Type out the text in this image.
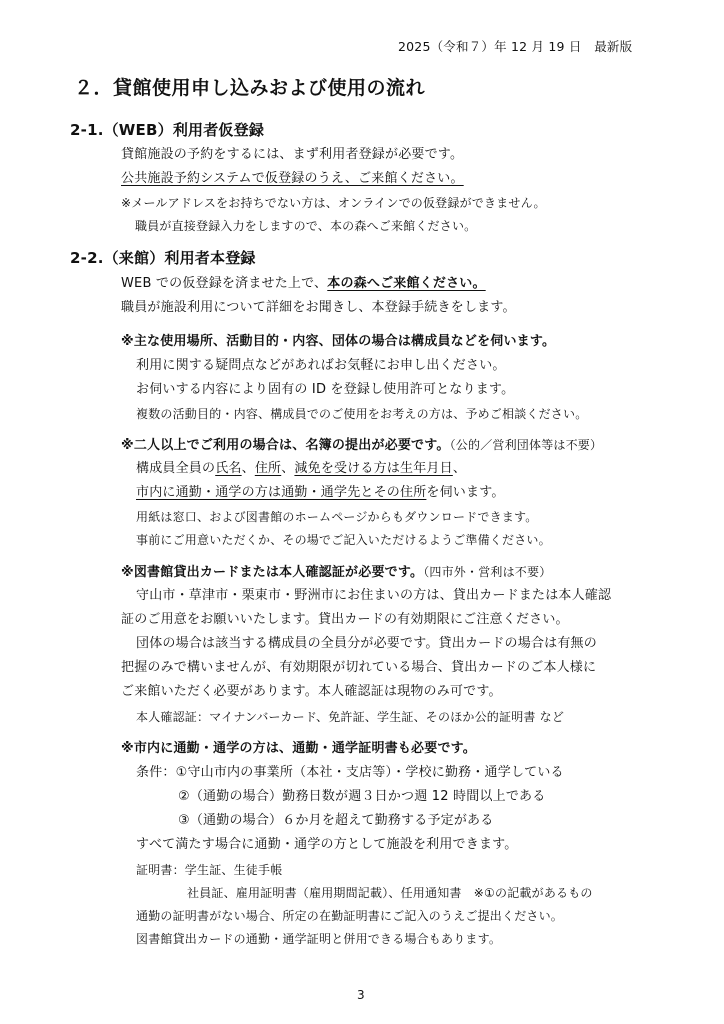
2025（令和７）年 12 月 19 日　最新版
２．貸館使用申し込みおよび使用の流れ
2-1.（WEB）利用者仮登録
貸館施設の予約をするには、まず利用者登録が必要です。
公共施設予約システムで仮登録のうえ、ご来館ください。
※メールアドレスをお持ちでない方は、オンラインでの仮登録ができません。
職員が直接登録入力をしますので、本の森へご来館ください。
2-2.（来館）利用者本登録
WEB での仮登録を済ませた上で、本の森へご来館ください。
職員が施設利用について詳細をお聞きし、本登録手続きをします。
※主な使用場所、活動目的・内容、団体の場合は構成員などを伺います。
利用に関する疑問点などがあればお気軽にお申し出ください。
お伺いする内容により固有の ID を登録し使用許可となります。
複数の活動目的・内容、構成員でのご使用をお考えの方は、予めご相談ください。
※二人以上でご利用の場合は、名簿の提出が必要です。（公的／営利団体等は不要）
構成員全員の氏名、住所、減免を受ける方は生年月日、
市内に通勤・通学の方は通勤・通学先とその住所を伺います。
用紙は窓口、および図書館のホームページからもダウンロードできます。
事前にご用意いただくか、その場でご記入いただけるようご準備ください。
※図書館貸出カードまたは本人確認証が必要です。（四市外・営利は不要）
守山市・草津市・栗東市・野洲市にお住まいの方は、貸出カードまたは本人確認
証のご用意をお願いいたします。貸出カードの有効期限にご注意ください。
団体の場合は該当する構成員の全員分が必要です。貸出カードの場合は有無の
把握のみで構いませんが、有効期限が切れている場合、貸出カードのご本人様に
ご来館いただく必要があります。本人確認証は現物のみ可です。
本人確認証：マイナンバーカード、免許証、学生証、そのほか公的証明書 など
※市内に通勤・通学の方は、通勤・通学証明書も必要です。
条件：①守山市内の事業所（本社・支店等）・学校に勤務・通学している
②（通勤の場合）勤務日数が週３日かつ週 12 時間以上である
③（通勤の場合）６か月を超えて勤務する予定がある
すべて満たす場合に通勤・通学の方として施設を利用できます。
証明書：学生証、生徒手帳
社員証、雇用証明書（雇用期間記載）、任用通知書　※①の記載があるもの
通勤の証明書がない場合、所定の在勤証明書にご記入のうえご提出ください。
図書館貸出カードの通勤・通学証明と併用できる場合もあります。
3
